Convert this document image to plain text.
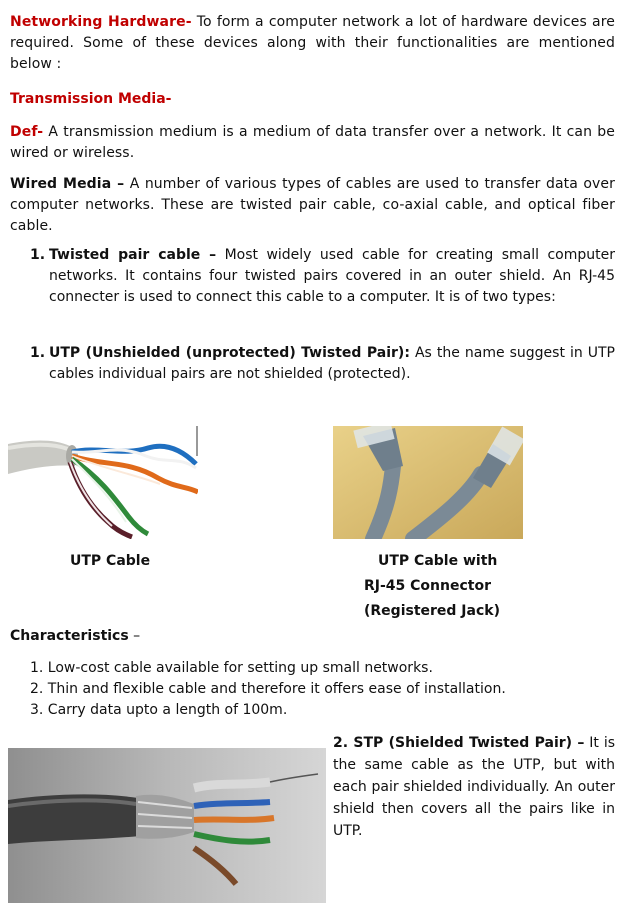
Networking Hardware- To form a computer network a lot of hardware devices are required. Some of these devices along with their functionalities are mentioned below :

Transmission Media-

Def- A transmission medium is a medium of data transfer over a network. It can be wired or wireless.

Wired Media – A number of various types of cables are used to transfer data over computer networks. These are twisted pair cable, co-axial cable, and optical fiber cable.

1. Twisted pair cable – Most widely used cable for creating small computer networks. It contains four twisted pairs covered in an outer shield. An RJ-45 connecter is used to connect this cable to a computer. It is of two types:
1. UTP (Unshielded (unprotected) Twisted Pair): As the name suggest in UTP cables individual pairs are not shielded (protected).
UTP Cable	UTP Cable with
RJ-45 Connector
(Registered Jack)
Characteristics –
1. Low-cost cable available for setting up small networks.
2. Thin and flexible cable and therefore it offers ease of installation.
3. Carry data upto a length of 100m.

2. STP (Shielded Twisted Pair) – It is the same cable as the UTP, but with each pair shielded individually. An outer shield then covers all the pairs like in UTP.
